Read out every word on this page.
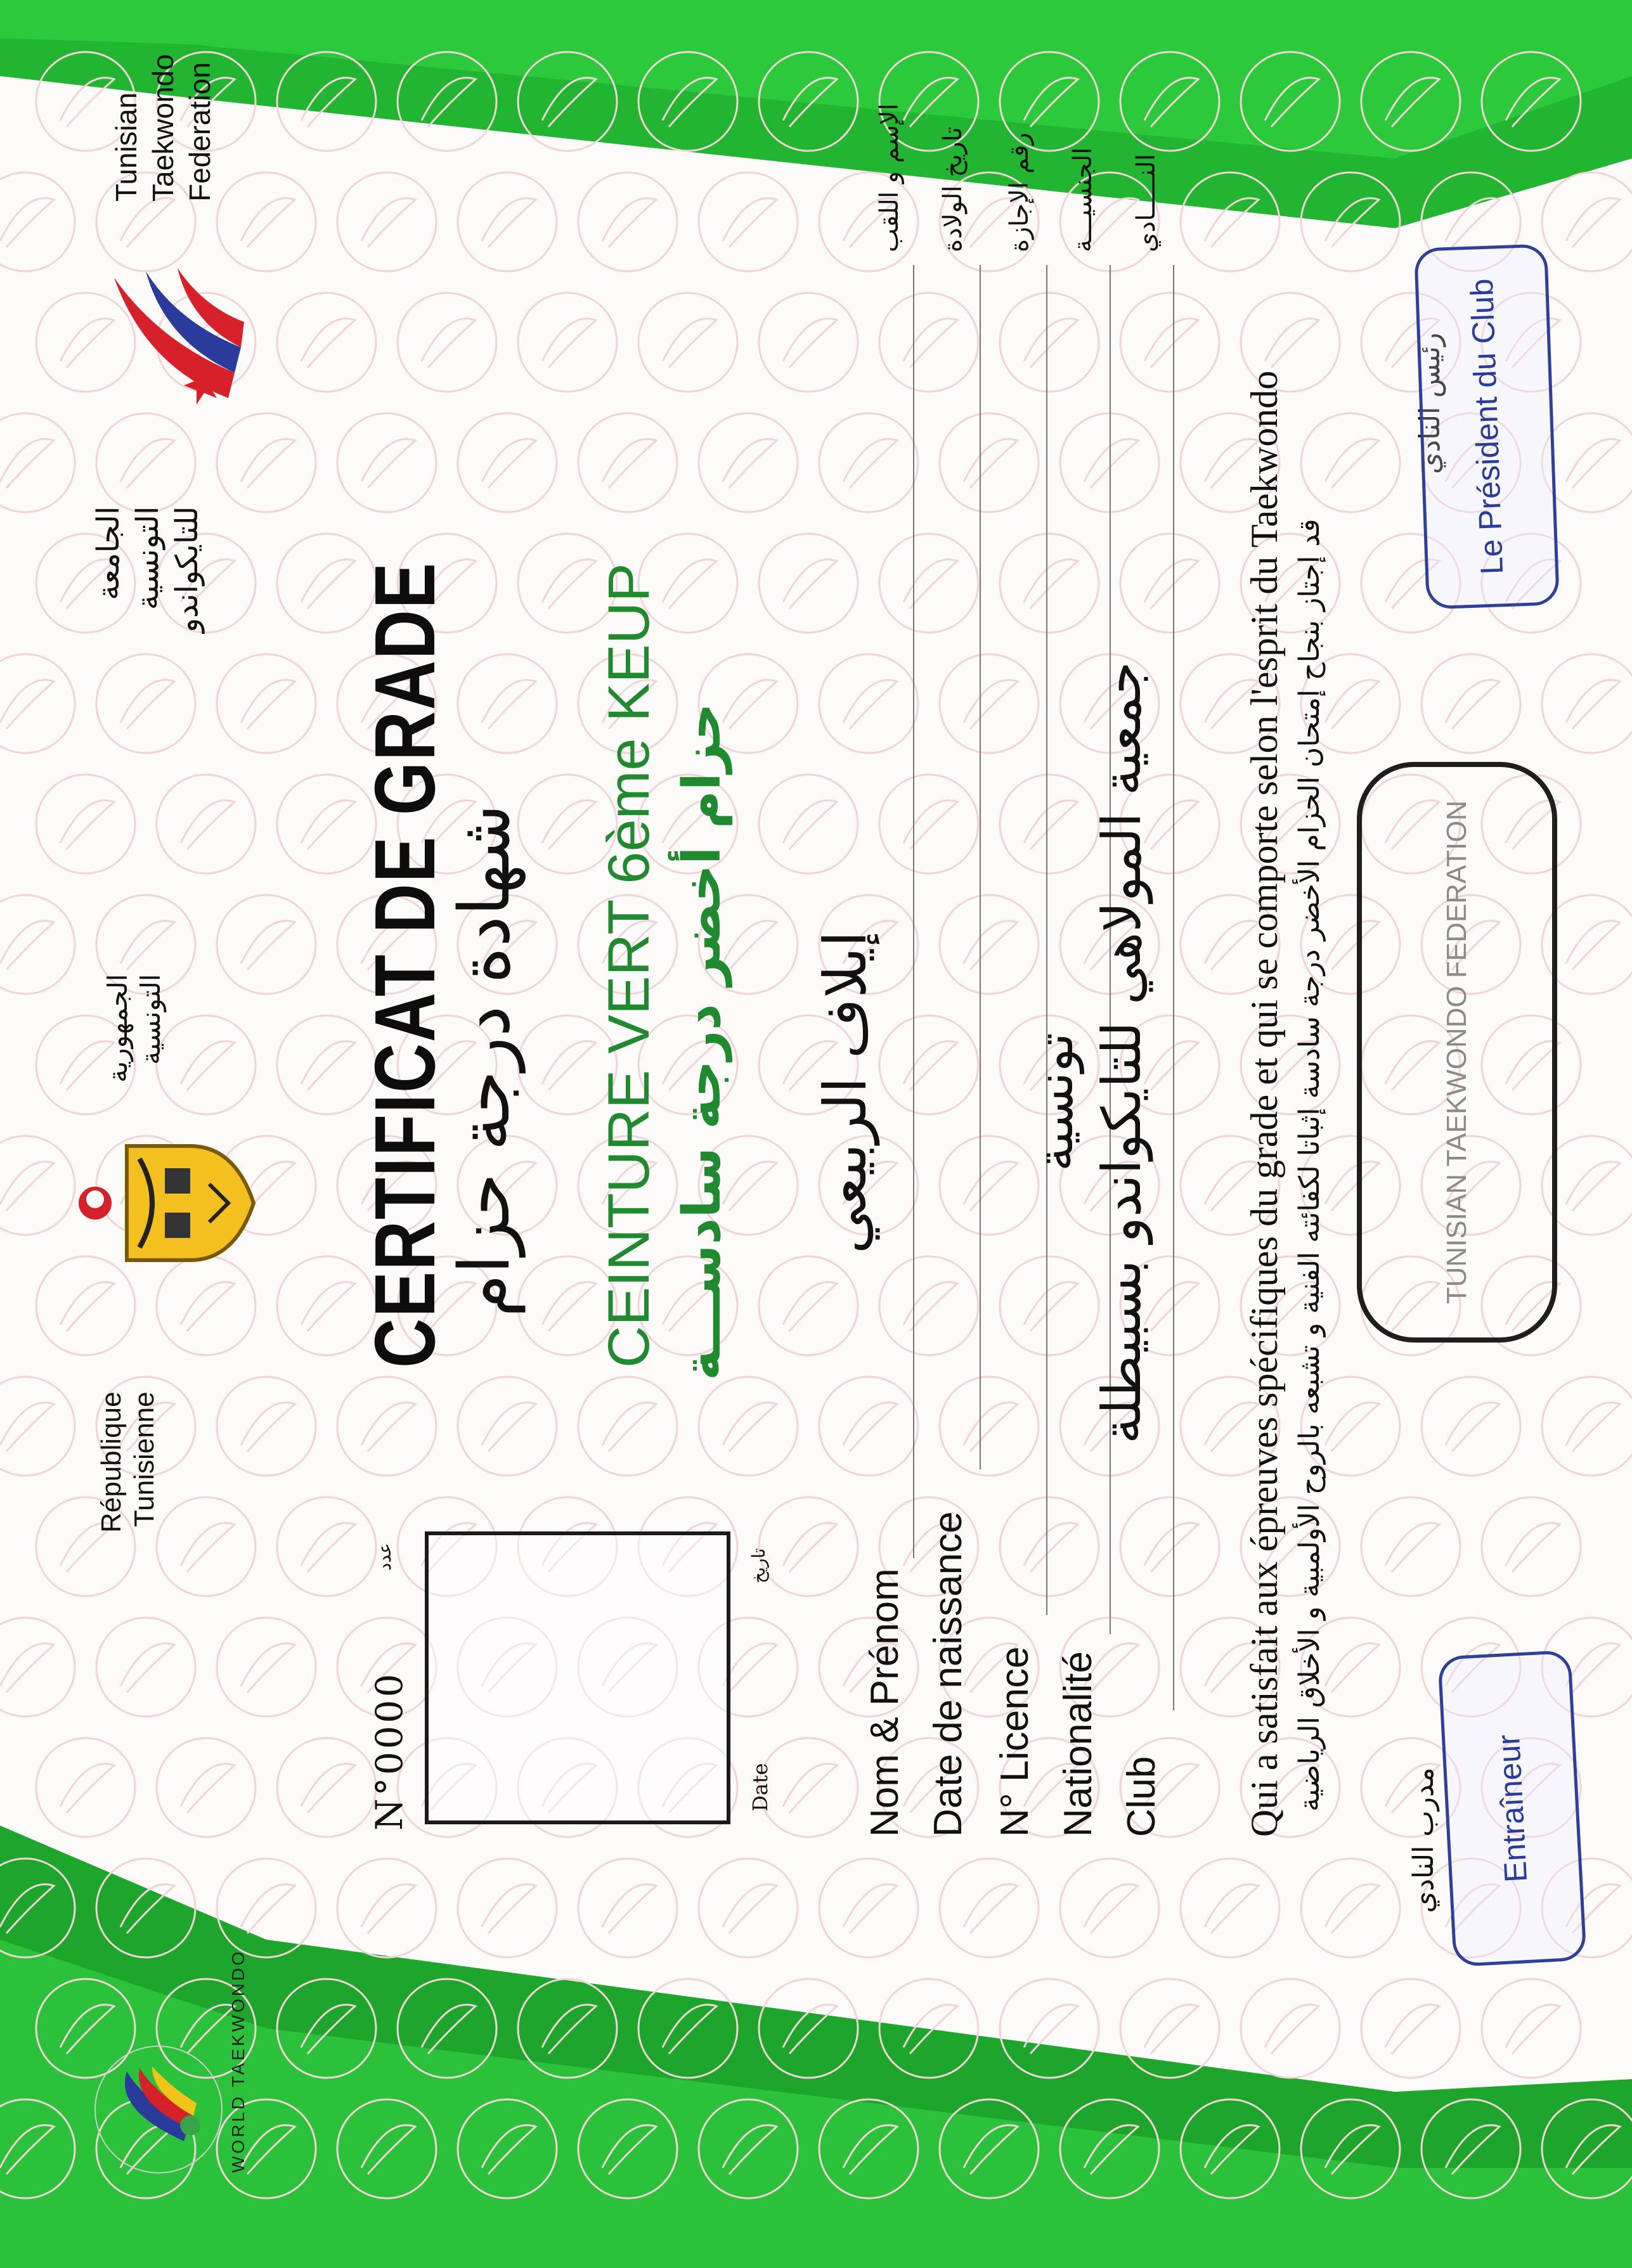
WORLD TAEKWONDO
République Tunisienne
الجمهورية التونسية
الجامعة التونسية للتايكواندو
Tunisian Taekwondo Federation
CERTIFICAT DE GRADE
شهادة درجة حزام CEINTURE VERT 6ème KEUP حزام أخضر درجة سادســـة
N°0000
عدد
Date
تاريخ
Nom & Prénom
إيلاف الربيعي
الإسم و اللقب
Date de naissance
تاريخ الولادة
N° Licence
رقم الإجازة
Nationalité
تونسية
الجنسيـــة
Club
جمعية المولاهي للتايكواندو بسبيطلة
النـــــادي
Qui a satisfait aux épreuves spécifiques du grade et qui se comporte selon l'esprit du Taekwondo قد إجتاز بنجاح إمتحان الحزام الأخضر درجة سادسة إثباتا لكفائته الفنية و تشبعه بالروح الأولمبية و الأخلاق الرياضية
مدرب النادي Entraîneur
TUNISIAN TAEKWONDO FEDERATION
رئيس النادي Le Président du Club
